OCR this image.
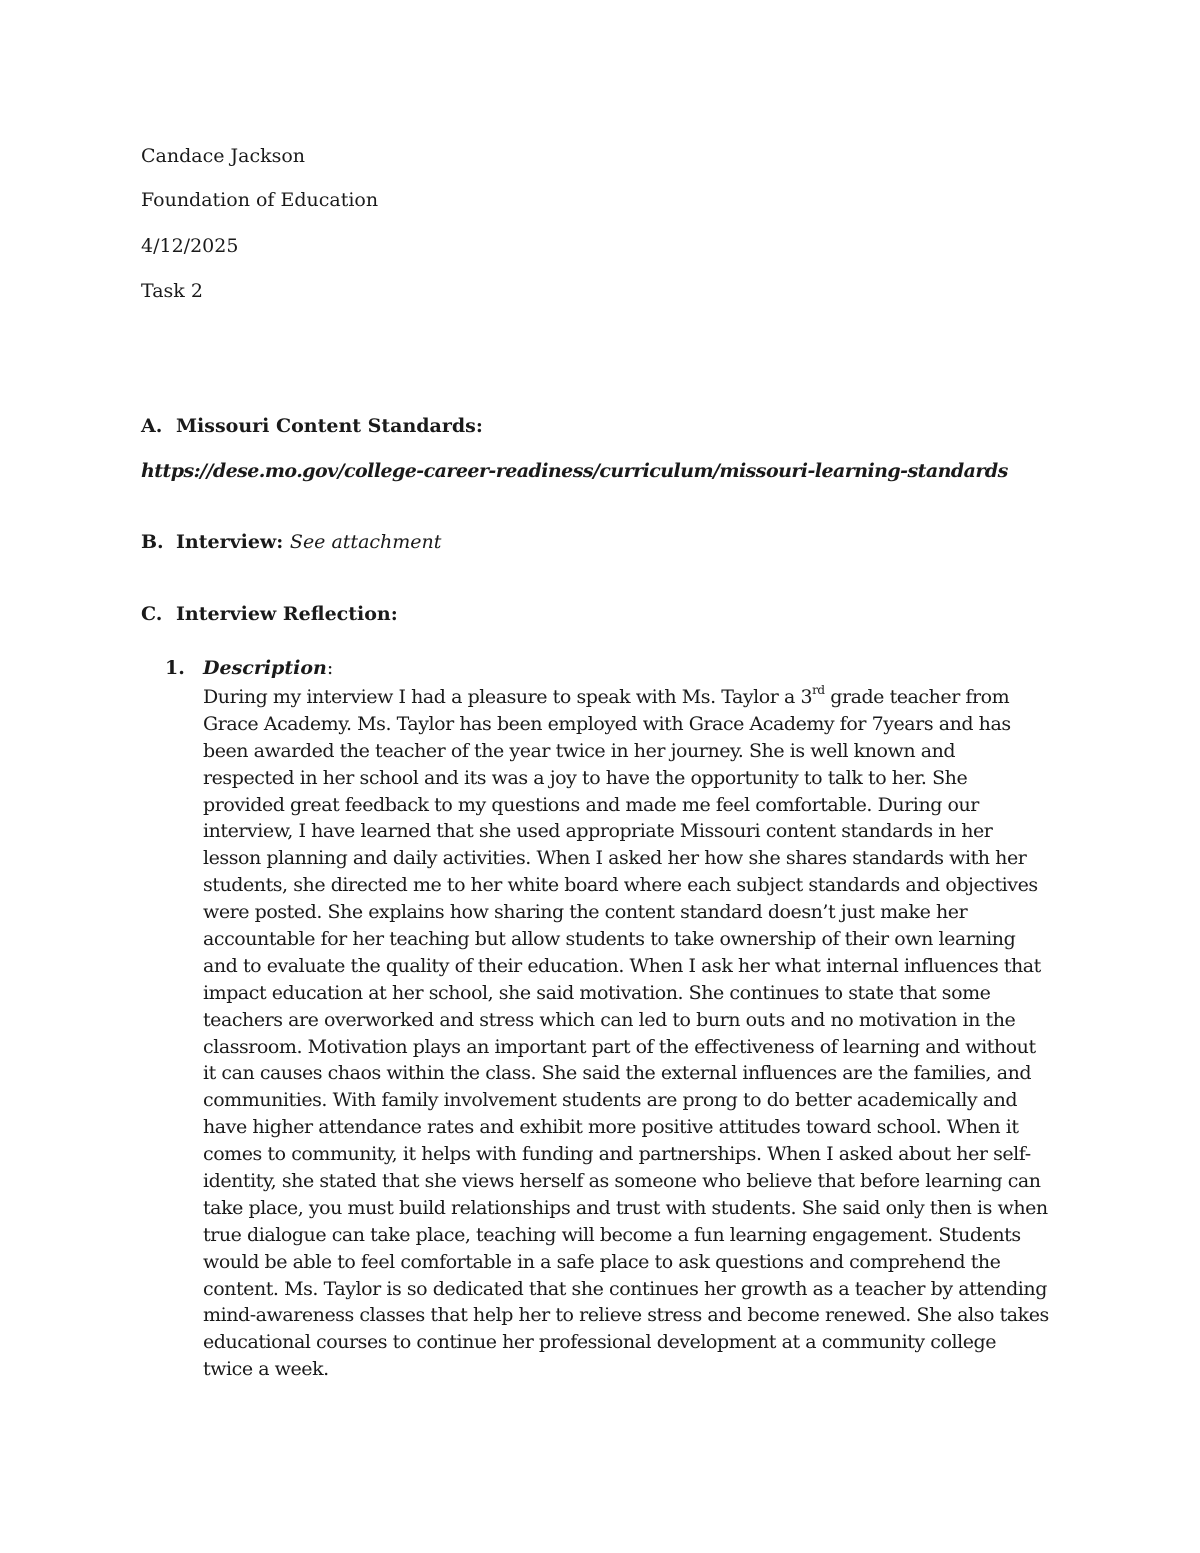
Candace Jackson
Foundation of Education
4/12/2025
Task 2
A. Missouri Content Standards:
https://dese.mo.gov/college-career-readiness/curriculum/missouri-learning-standards
B. Interview: See attachment
C. Interview Reflection:
1. Description:
During my interview I had a pleasure to speak with Ms. Taylor a 3rd grade teacher from
Grace Academy. Ms. Taylor has been employed with Grace Academy for 7years and has
been awarded the teacher of the year twice in her journey. She is well known and
respected in her school and its was a joy to have the opportunity to talk to her. She
provided great feedback to my questions and made me feel comfortable. During our
interview, I have learned that she used appropriate Missouri content standards in her
lesson planning and daily activities. When I asked her how she shares standards with her
students, she directed me to her white board where each subject standards and objectives
were posted. She explains how sharing the content standard doesn’t just make her
accountable for her teaching but allow students to take ownership of their own learning
and to evaluate the quality of their education. When I ask her what internal influences that
impact education at her school, she said motivation. She continues to state that some
teachers are overworked and stress which can led to burn outs and no motivation in the
classroom. Motivation plays an important part of the effectiveness of learning and without
it can causes chaos within the class. She said the external influences are the families, and
communities. With family involvement students are prong to do better academically and
have higher attendance rates and exhibit more positive attitudes toward school. When it
comes to community, it helps with funding and partnerships. When I asked about her self-
identity, she stated that she views herself as someone who believe that before learning can
take place, you must build relationships and trust with students. She said only then is when
true dialogue can take place, teaching will become a fun learning engagement. Students
would be able to feel comfortable in a safe place to ask questions and comprehend the
content. Ms. Taylor is so dedicated that she continues her growth as a teacher by attending
mind-awareness classes that help her to relieve stress and become renewed. She also takes
educational courses to continue her professional development at a community college
twice a week.
